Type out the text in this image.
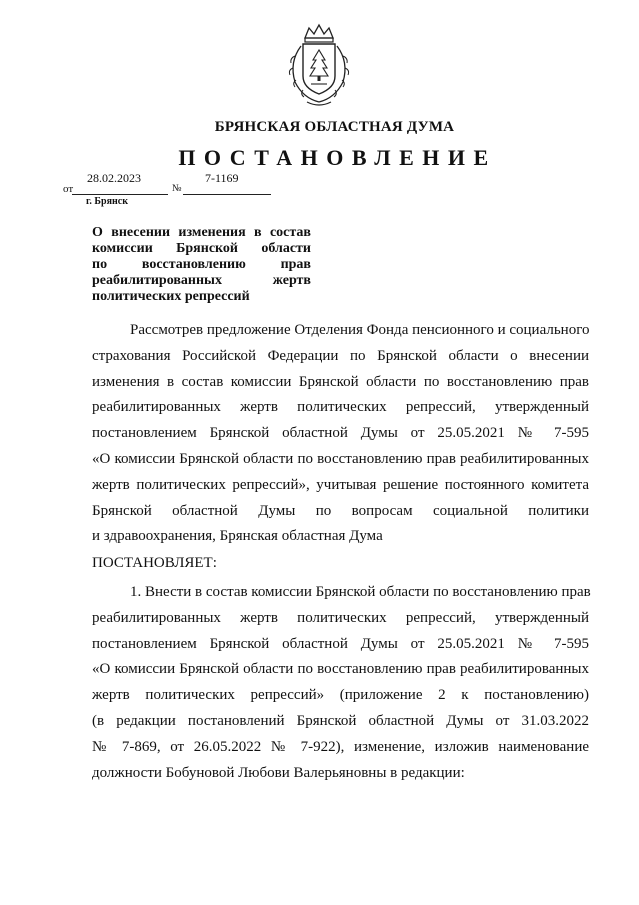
БРЯНСКАЯ ОБЛАСТНАЯ ДУМА
ПОСТАНОВЛЕНИЕ
28.02.2023	7-1169
от	№
г. Брянск
О внесении изменения в состав
комиссии Брянской области
по восстановлению прав
реабилитированных жертв
политических репрессий
Рассмотрев предложение Отделения Фонда пенсионного и социального
страхования Российской Федерации по Брянской области о внесении
изменения в состав комиссии Брянской области по восстановлению прав
реабилитированных жертв политических репрессий, утвержденный
постановлением Брянской областной Думы от 25.05.2021 № 7-595
«О комиссии Брянской области по восстановлению прав реабилитированных
жертв политических репрессий», учитывая решение постоянного комитета
Брянской областной Думы по вопросам социальной политики
и здравоохранения, Брянская областная Дума
ПОСТАНОВЛЯЕТ:
1. Внести в состав комиссии Брянской области по восстановлению прав
реабилитированных жертв политических репрессий, утвержденный
постановлением Брянской областной Думы от 25.05.2021 № 7-595
«О комиссии Брянской области по восстановлению прав реабилитированных
жертв политических репрессий» (приложение 2 к постановлению)
(в редакции постановлений Брянской областной Думы от 31.03.2022
№ 7-869, от 26.05.2022 № 7-922), изменение, изложив наименование
должности Бобуновой Любови Валерьяновны в редакции:
